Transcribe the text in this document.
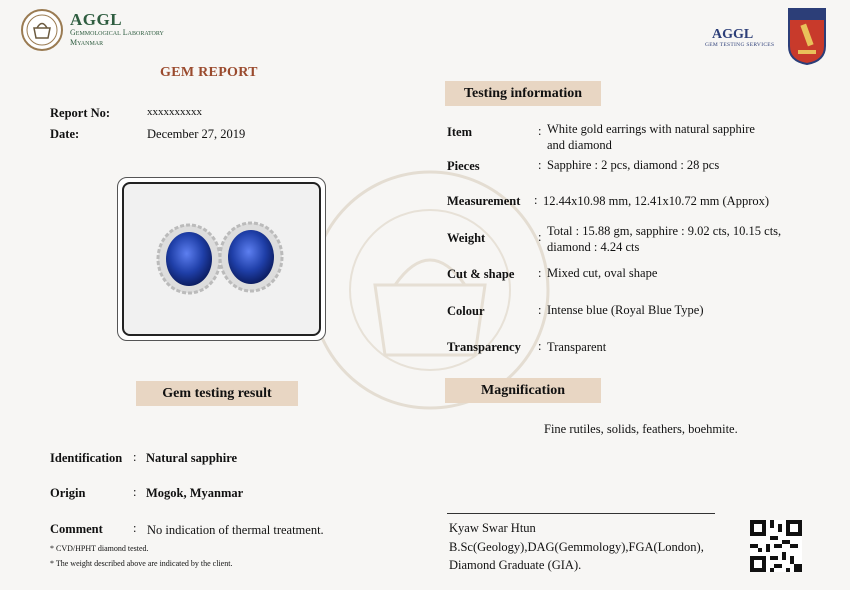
AGGL
Gemmological Laboratory
Myanmar
AGGL
GEM TESTING SERVICES
GEM REPORT
Report No:	xxxxxxxxxx
Date:	December 27, 2019
Testing information
Item	: White gold earrings with natural sapphire
and diamond
Pieces	: Sapphire : 2 pcs, diamond : 28 pcs
Measurement : 12.44x10.98 mm, 12.41x10.72 mm (Approx)
Weight	: Total : 15.88 gm, sapphire : 9.02 cts, 10.15 cts,
diamond : 4.24 cts
Cut & shape : Mixed cut, oval shape
Colour	: Intense blue (Royal Blue Type)
Transparency : Transparent
Magnification
Fine rutiles, solids, feathers, boehmite.
Gem testing result
Identification : Natural sapphire
Origin	: Mogok, Myanmar
Comment : No indication of thermal treatment.
* CVD/HPHT diamond tested.
* The weight described above are indicated by the client.
Kyaw Swar Htun
B.Sc(Geology),DAG(Gemmology),FGA(London),
Diamond Graduate (GIA).
